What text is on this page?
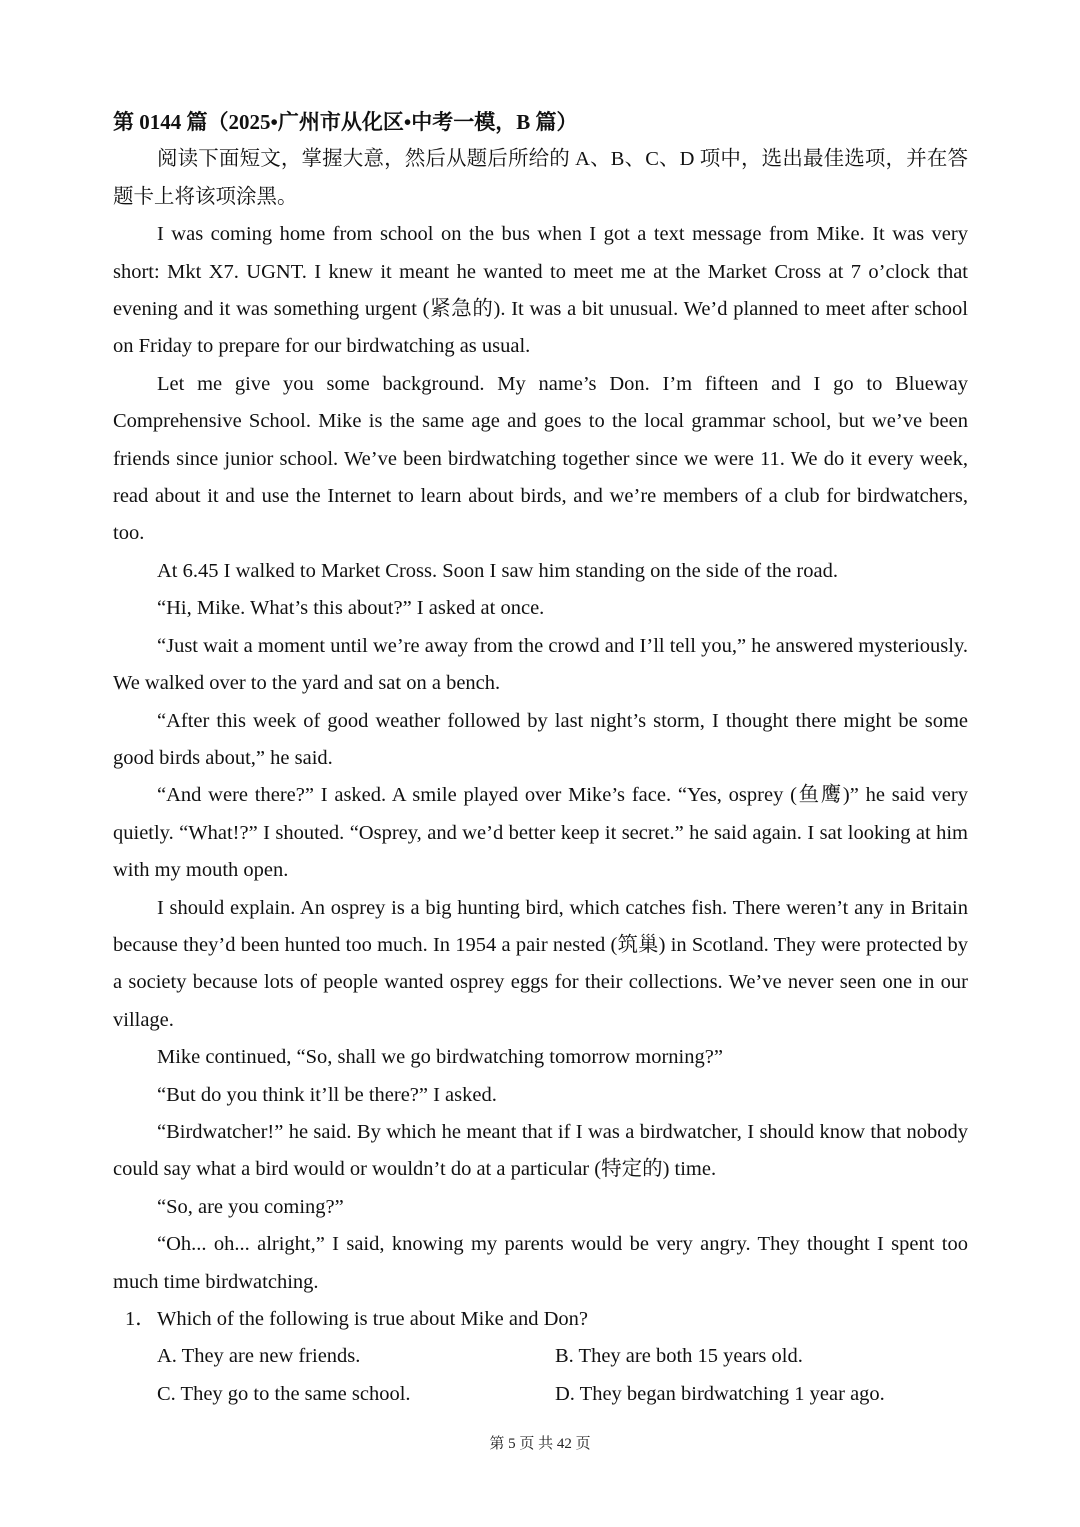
第 0144 篇（2025•广州市从化区•中考一模，B 篇）

阅读下面短文，掌握大意，然后从题后所给的 A、B、C、D 项中，选出最佳选项，并在答题卡上将该项涂黑。

I was coming home from school on the bus when I got a text message from Mike. It was very short: Mkt X7. UGNT. I knew it meant he wanted to meet me at the Market Cross at 7 o’clock that evening and it was something urgent (紧急的). It was a bit unusual. We’d planned to meet after school on Friday to prepare for our birdwatching as usual.

Let me give you some background. My name’s Don. I’m fifteen and I go to Blueway Comprehensive School. Mike is the same age and goes to the local grammar school, but we’ve been friends since junior school. We’ve been birdwatching together since we were 11. We do it every week, read about it and use the Internet to learn about birds, and we’re members of a club for birdwatchers, too.

At 6.45 I walked to Market Cross. Soon I saw him standing on the side of the road.

“Hi, Mike. What’s this about?” I asked at once.

“Just wait a moment until we’re away from the crowd and I’ll tell you,” he answered mysteriously. We walked over to the yard and sat on a bench.

“After this week of good weather followed by last night’s storm, I thought there might be some good birds about,” he said.

“And were there?” I asked. A smile played over Mike’s face. “Yes, osprey (鱼鹰)” he said very quietly. “What!?” I shouted. “Osprey, and we’d better keep it secret.” he said again. I sat looking at him with my mouth open.

I should explain. An osprey is a big hunting bird, which catches fish. There weren’t any in Britain because they’d been hunted too much. In 1954 a pair nested (筑巢) in Scotland. They were protected by a society because lots of people wanted osprey eggs for their collections. We’ve never seen one in our village.

Mike continued, “So, shall we go birdwatching tomorrow morning?”

“But do you think it’ll be there?” I asked.

“Birdwatcher!” he said. By which he meant that if I was a birdwatcher, I should know that nobody could say what a bird would or wouldn’t do at a particular (特定的) time.

“So, are you coming?”

“Oh... oh... alright,” I said, knowing my parents would be very angry. They thought I spent too much time birdwatching.

1．Which of the following is true about Mike and Don?
A. They are new friends.	B. They are both 15 years old.
C. They go to the same school.	D. They began birdwatching 1 year ago.
第 5 页 共 42 页
